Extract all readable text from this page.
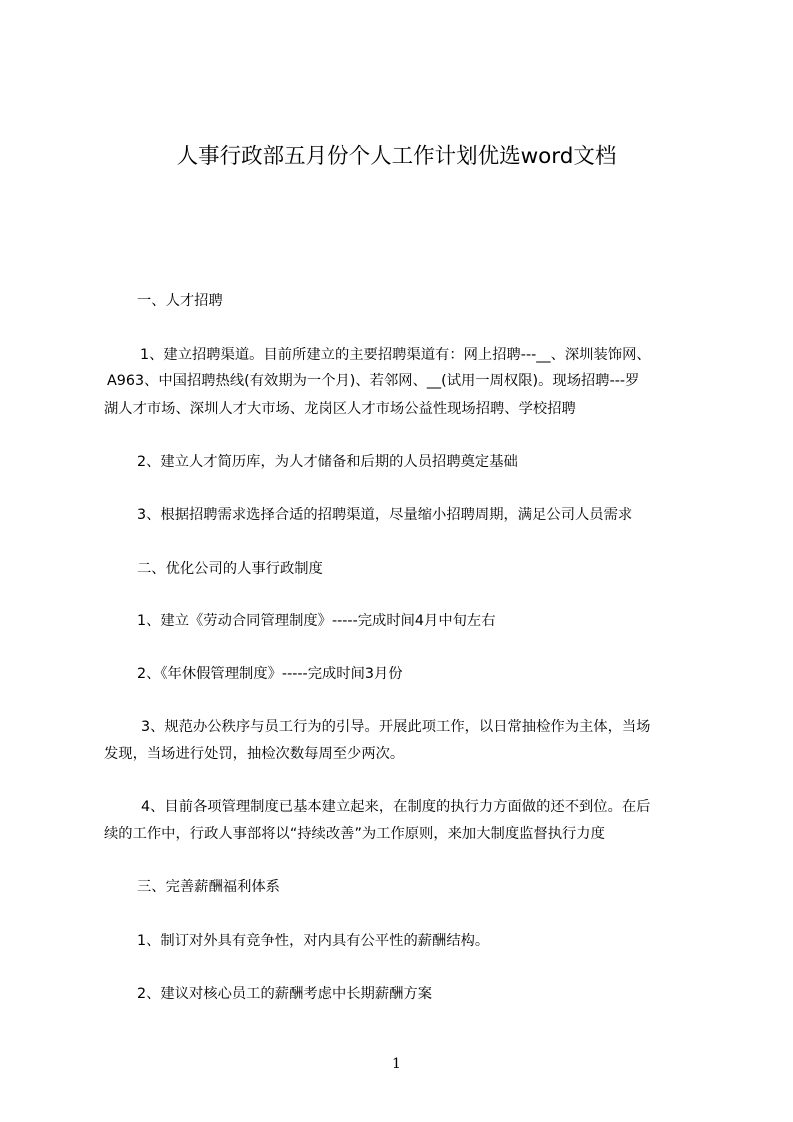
人事行政部五月份个人工作计划优选word文档

一、人才招聘

1、建立招聘渠道。目前所建立的主要招聘渠道有：网上招聘---__、深圳装饰网、

A963、中国招聘热线(有效期为一个月)、若邻网、__(试用一周权限)。现场招聘---罗

湖人才市场、深圳人才大市场、龙岗区人才市场公益性现场招聘、学校招聘

2、建立人才简历库，为人才储备和后期的人员招聘奠定基础

3、根据招聘需求选择合适的招聘渠道，尽量缩小招聘周期，满足公司人员需求

二、优化公司的人事行政制度

1、建立《劳动合同管理制度》-----完成时间4月中旬左右

2、《年休假管理制度》-----完成时间3月份

3、规范办公秩序与员工行为的引导。开展此项工作，以日常抽检作为主体，当场

发现，当场进行处罚，抽检次数每周至少两次。

4、目前各项管理制度已基本建立起来，在制度的执行力方面做的还不到位。在后

续的工作中，行政人事部将以“持续改善”为工作原则，来加大制度监督执行力度

三、完善薪酬福利体系

1、制订对外具有竞争性，对内具有公平性的薪酬结构。

2、建议对核心员工的薪酬考虑中长期薪酬方案

1
